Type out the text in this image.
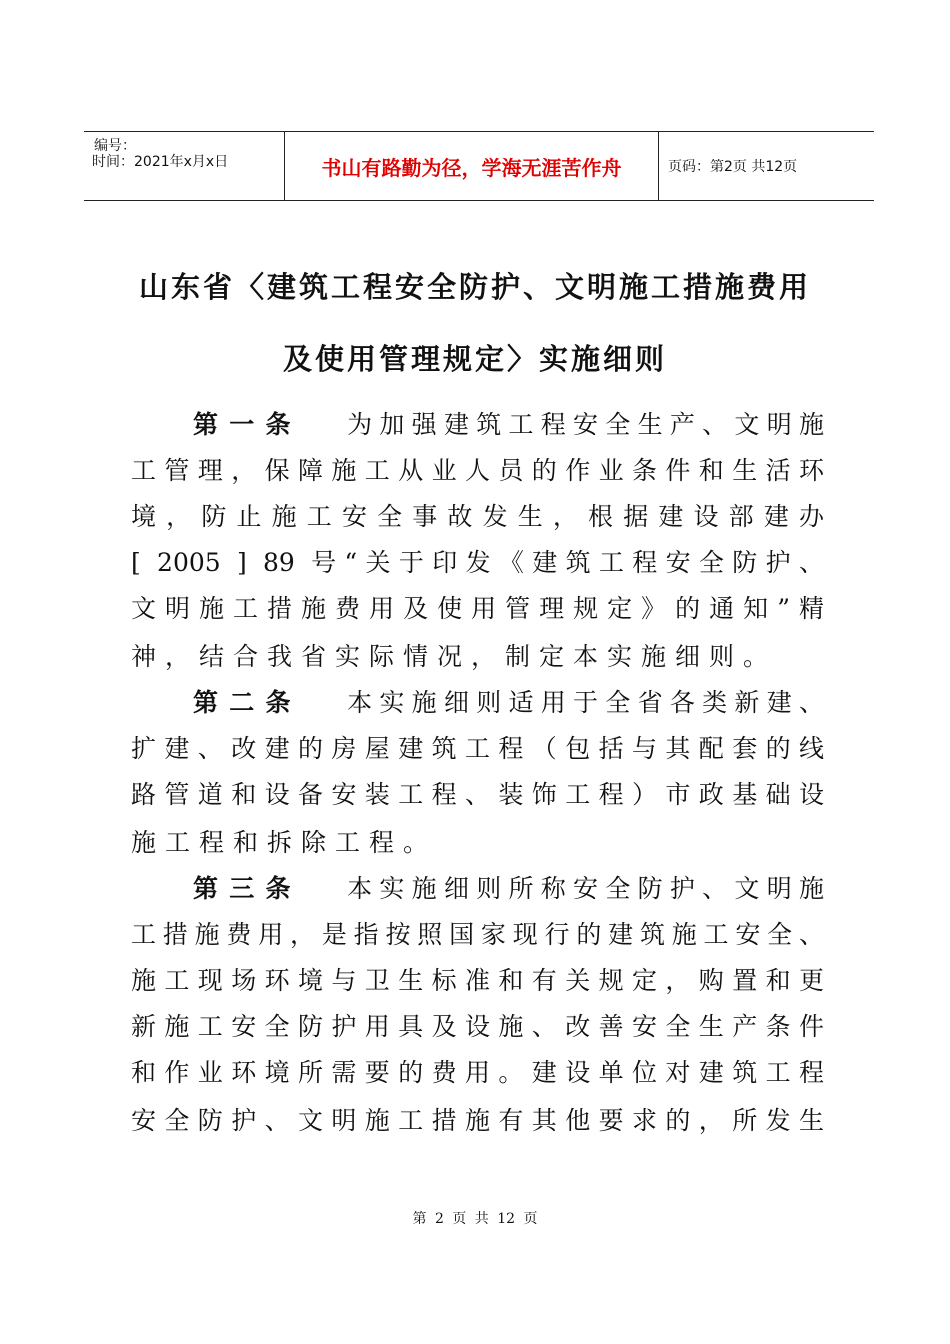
编号：
时间：2021年x月x日	书山有路勤为径，学海无涯苦作舟	页码：第2页 共12页
山东省〈建筑工程安全防护、文明施工措施费用
及使用管理规定〉实施细则
第一条 为加强建筑工程安全生产、文明施
工管理，保障施工从业人员的作业条件和生活环
境，防止施工安全事故发生，根据建设部建办
[ 2005 ] 89 号“关于印发《建筑工程安全防护、
文明施工措施费用及使用管理规定》的通知”精
神，结合我省实际情况，制定本实施细则。
第二条 本实施细则适用于全省各类新建、
扩建、改建的房屋建筑工程（包括与其配套的线
路管道和设备安装工程、装饰工程）市政基础设
施工程和拆除工程。
第三条 本实施细则所称安全防护、文明施
工措施费用，是指按照国家现行的建筑施工安全、
施工现场环境与卫生标准和有关规定，购置和更
新施工安全防护用具及设施、改善安全生产条件
和作业环境所需要的费用。建设单位对建筑工程
安全防护、文明施工措施有其他要求的，所发生
第 2 页 共 12 页
